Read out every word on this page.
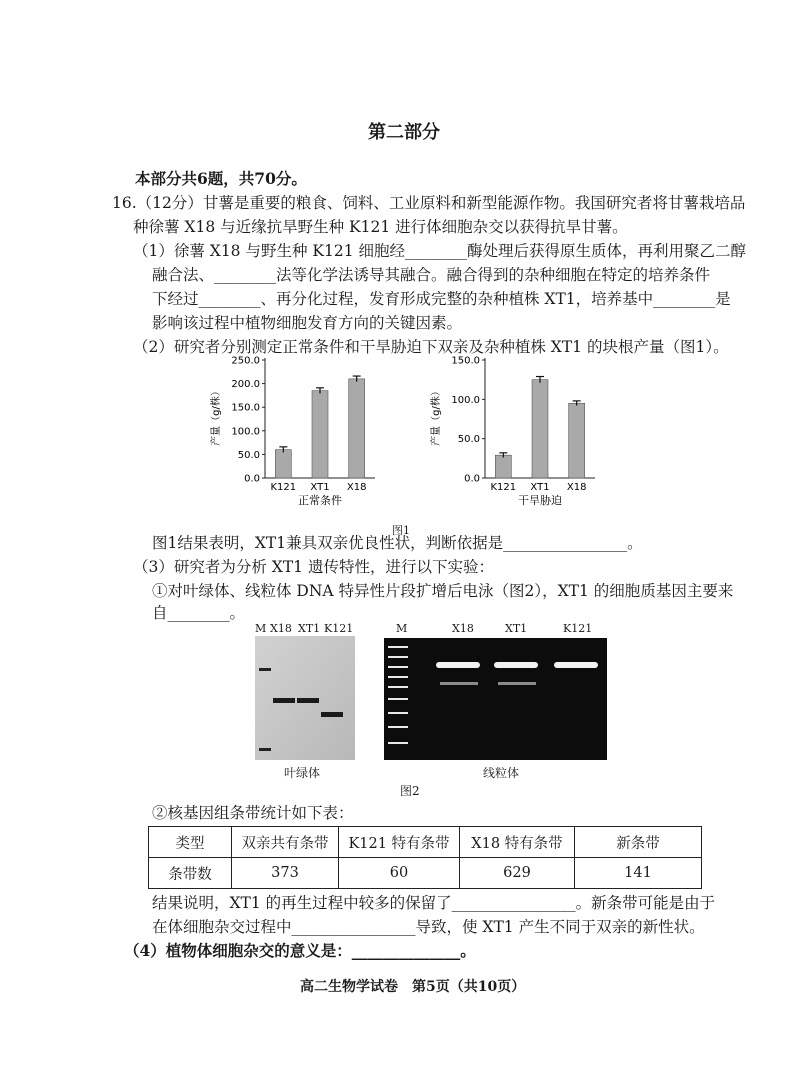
第二部分
本部分共6题，共70分。
16.（12分）甘薯是重要的粮食、饲料、工业原料和新型能源作物。我国研究者将甘薯栽培品
种徐薯 X18 与近缘抗旱野生种 K121 进行体细胞杂交以获得抗旱甘薯。
（1）徐薯 X18 与野生种 K121 细胞经________酶处理后获得原生质体，再利用聚乙二醇
融合法、________法等化学法诱导其融合。融合得到的杂种细胞在特定的培养条件
下经过________、再分化过程，发育形成完整的杂种植株 XT1，培养基中________是
影响该过程中植物细胞发育方向的关键因素。
（2）研究者分别测定正常条件和干旱胁迫下双亲及杂种植株 XT1 的块根产量（图1）。
产量（g/株）
0.0
50.0
100.0
150.0
200.0
250.0
K121 XT1 X18
正常条件
产量（g/株）
0.0
50.0
100.0
150.0
K121 XT1 X18
干旱胁迫
图1
图1结果表明，XT1兼具双亲优良性状，判断依据是________________。
（3）研究者为分析 XT1 遗传特性，进行以下实验：
①对叶绿体、线粒体 DNA 特异性片段扩增后电泳（图2），XT1 的细胞质基因主要来
自________。
M X18 XT1 K121
叶绿体
M	X18	XT1	K121
线粒体
图2
②核基因组条带统计如下表：
类型	双亲共有条带	K121 特有条带	X18 特有条带	新条带
条带数	373	60	629	141
结果说明，XT1 的再生过程中较多的保留了________________。新条带可能是由于
在体细胞杂交过程中________________导致，使 XT1 产生不同于双亲的新性状。
（4）植物体细胞杂交的意义是：______________。
高二生物学试卷　第5页（共10页）
